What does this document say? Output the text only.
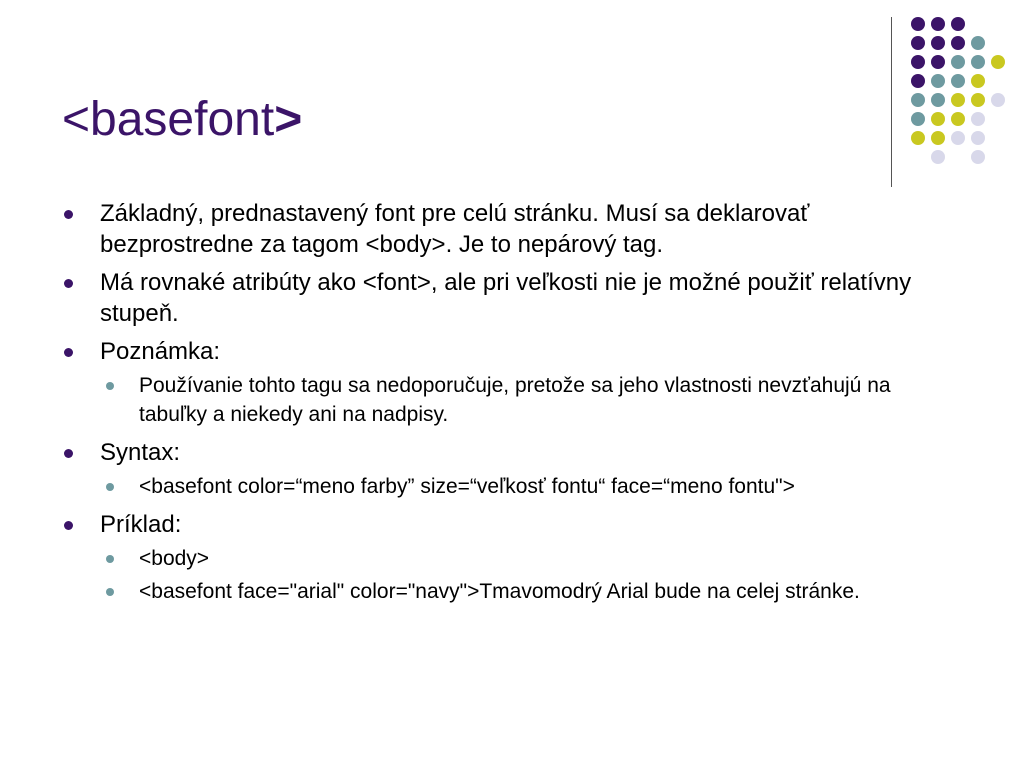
<basefont>
Základný, prednastavený font pre celú stránku. Musí sa deklarovať bezprostredne za tagom <body>. Je to nepárový tag.
Má rovnaké atribúty ako <font>, ale pri veľkosti nie je možné použiť relatívny stupeň.
Poznámka:
Používanie tohto tagu sa nedoporučuje, pretože sa jeho vlastnosti nevzťahujú na tabuľky a niekedy ani na nadpisy.
Syntax:
<basefont color=“meno farby” size=“veľkosť fontu“ face=“meno fontu">
Príklad:
<body>
<basefont face="arial" color="navy">Tmavomodrý Arial bude na celej stránke.
